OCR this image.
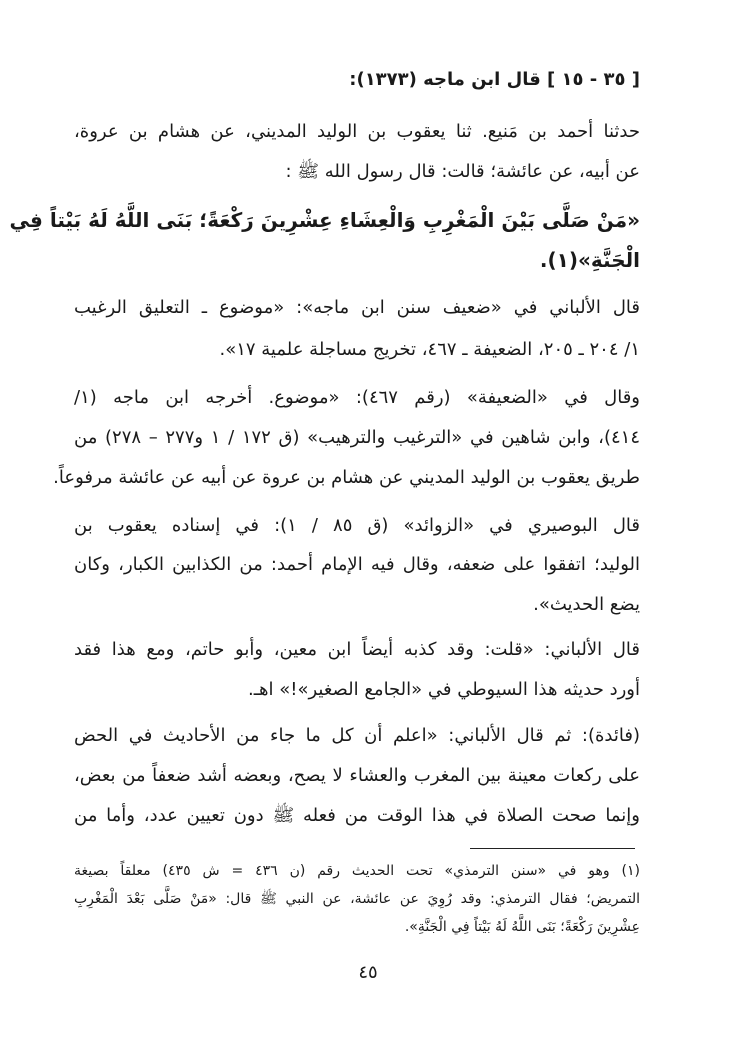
[ ٣٥ - ١٥ ] قال ابن ماجه (١٣٧٣):
حدثنا أحمد بن مَنيع. ثنا يعقوب بن الوليد المديني، عن هشام بن عروة،
عن أبيه، عن عائشة؛ قالت: قال رسول الله ﷺ :
«مَنْ صَلَّى بَيْنَ الْمَغْرِبِ وَالْعِشَاءِ عِشْرِينَ رَكْعَةً؛ بَنَى اللَّهُ لَهُ بَيْتاً فِي
الْجَنَّةِ»(١).
قال الألباني في «ضعيف سنن ابن ماجه»: «موضوع ـ التعليق الرغيب
١/ ٢٠٤ ـ ٢٠٥، الضعيفة ـ ٤٦٧، تخريج مساجلة علمية ١٧».
وقال في «الضعيفة» (رقم ٤٦٧): «موضوع. أخرجه ابن ماجه (١/
٤١٤)، وابن شاهين في «الترغيب والترهيب» (ق ١٧٢ / ١ و٢٧٧ – ٢٧٨) من
طريق يعقوب بن الوليد المديني عن هشام بن عروة عن أبيه عن عائشة مرفوعاً.
قال البوصيري في «الزوائد» (ق ٨٥ / ١): في إسناده يعقوب بن
الوليد؛ اتفقوا على ضعفه، وقال فيه الإمام أحمد: من الكذابين الكبار، وكان
يضع الحديث».
قال الألباني: «قلت: وقد كذبه أيضاً ابن معين، وأبو حاتم، ومع هذا فقد
أورد حديثه هذا السيوطي في «الجامع الصغير»!» اهـ.
(فائدة): ثم قال الألباني: «اعلم أن كل ما جاء من الأحاديث في الحض
على ركعات معينة بين المغرب والعشاء لا يصح، وبعضه أشد ضعفاً من بعض،
وإنما صحت الصلاة في هذا الوقت من فعله ﷺ دون تعيين عدد، وأما من
(١) وهو في «سنن الترمذي» تحت الحديث رقم (ن ٤٣٦ = ش ٤٣٥) معلقاً بصيغة
التمريض؛ فقال الترمذي: وقد رُوِيَ عن عائشة، عن النبي ﷺ قال: «مَنْ صَلَّى بَعْدَ الْمَغْرِبِ
عِشْرِينَ رَكْعَةً؛ بَنَى اللَّهُ لَهُ بَيْتاً فِي الْجَنَّةِ».
٤٥
